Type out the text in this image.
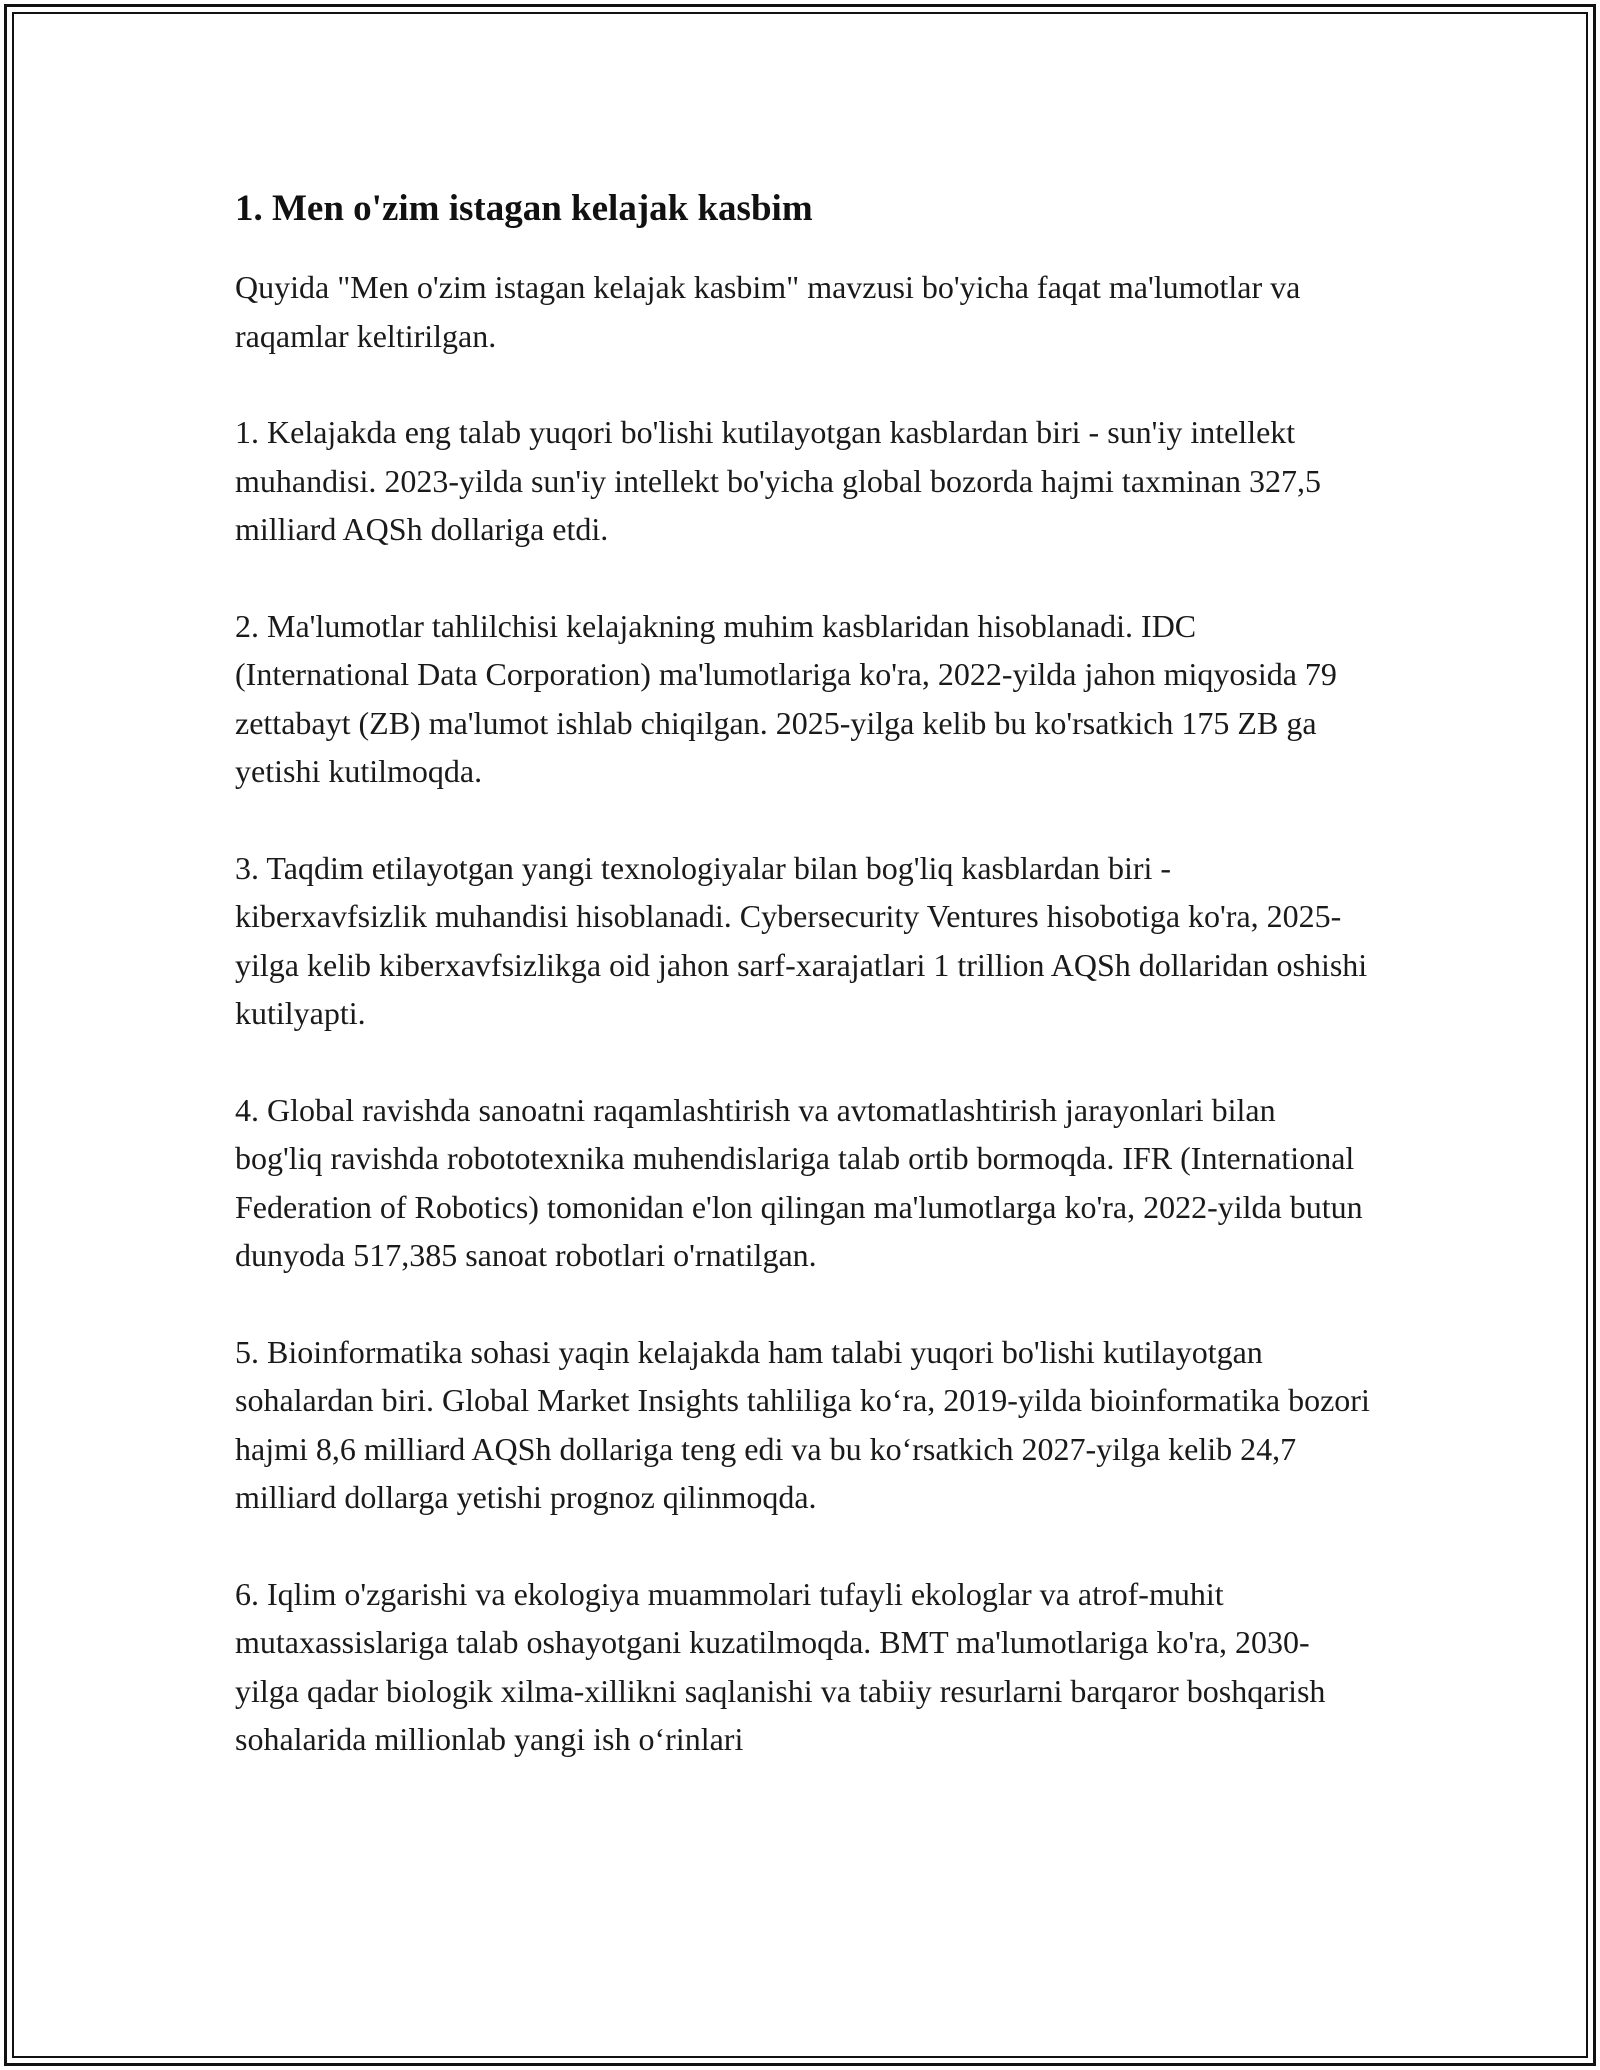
1. Men o'zim istagan kelajak kasbim

Quyida "Men o'zim istagan kelajak kasbim" mavzusi bo'yicha faqat ma'lumotlar va raqamlar keltirilgan.

1. Kelajakda eng talab yuqori bo'lishi kutilayotgan kasblardan biri - sun'iy intellekt muhandisi. 2023-yilda sun'iy intellekt bo'yicha global bozorda hajmi taxminan 327,5 milliard AQSh dollariga etdi.

2. Ma'lumotlar tahlilchisi kelajakning muhim kasblaridan hisoblanadi. IDC (International Data Corporation) ma'lumotlariga ko'ra, 2022-yilda jahon miqyosida 79 zettabayt (ZB) ma'lumot ishlab chiqilgan. 2025-yilga kelib bu ko'rsatkich 175 ZB ga yetishi kutilmoqda.

3. Taqdim etilayotgan yangi texnologiyalar bilan bog'liq kasblardan biri - kiberxavfsizlik muhandisi hisoblanadi. Cybersecurity Ventures hisobotiga ko'ra, 2025-yilga kelib kiberxavfsizlikga oid jahon sarf-xarajatlari 1 trillion AQSh dollaridan oshishi kutilyapti.

4. Global ravishda sanoatni raqamlashtirish va avtomatlashtirish jarayonlari bilan bog'liq ravishda robototexnika muhendislariga talab ortib bormoqda. IFR (International Federation of Robotics) tomonidan e'lon qilingan ma'lumotlarga ko'ra, 2022-yilda butun dunyoda 517,385 sanoat robotlari o'rnatilgan.

5. Bioinformatika sohasi yaqin kelajakda ham talabi yuqori bo'lishi kutilayotgan sohalardan biri. Global Market Insights tahliliga ko‘ra, 2019-yilda bioinformatika bozori hajmi 8,6 milliard AQSh dollariga teng edi va bu ko‘rsatkich 2027-yilga kelib 24,7 milliard dollarga yetishi prognoz qilinmoqda.

6. Iqlim o'zgarishi va ekologiya muammolari tufayli ekologlar va atrof-muhit mutaxassislariga talab oshayotgani kuzatilmoqda. BMT ma'lumotlariga ko'ra, 2030-yilga qadar biologik xilma-xillikni saqlanishi va tabiiy resurlarni barqaror boshqarish sohalarida millionlab yangi ish o‘rinlari
